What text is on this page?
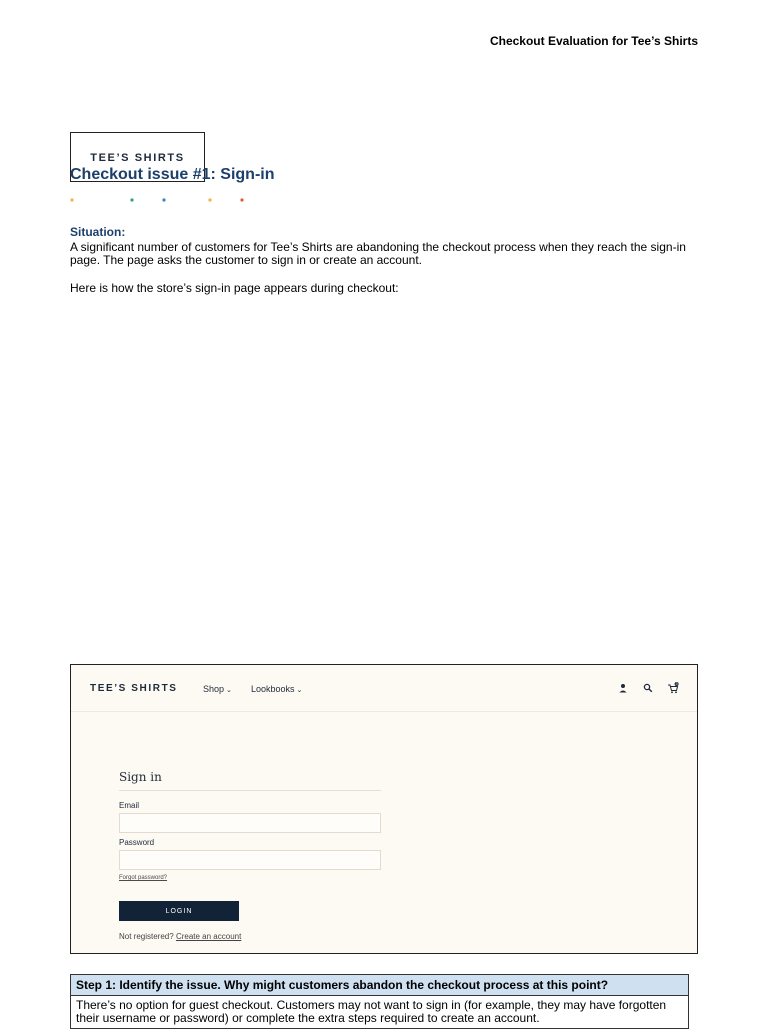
Checkout Evaluation for Tee’s Shirts
TEE’S SHIRTS
Checkout issue #1: Sign-in
Situation:

A significant number of customers for Tee’s Shirts are abandoning the checkout process when they reach the sign-in page. The page asks the customer to sign in or create an account.

Here is how the store’s sign-in page appears during checkout:

TEE’S SHIRTS	Shop ⌄ Lookbooks ⌄
0
Sign in
Email
Password
Forgot password?
LOGIN
Not registered? Create an account
Step 1: Identify the issue. Why might customers abandon the checkout process at this point?
There’s no option for guest checkout. Customers may not want to sign in (for example, they may have forgotten their username or password) or complete the extra steps required to create an account.
